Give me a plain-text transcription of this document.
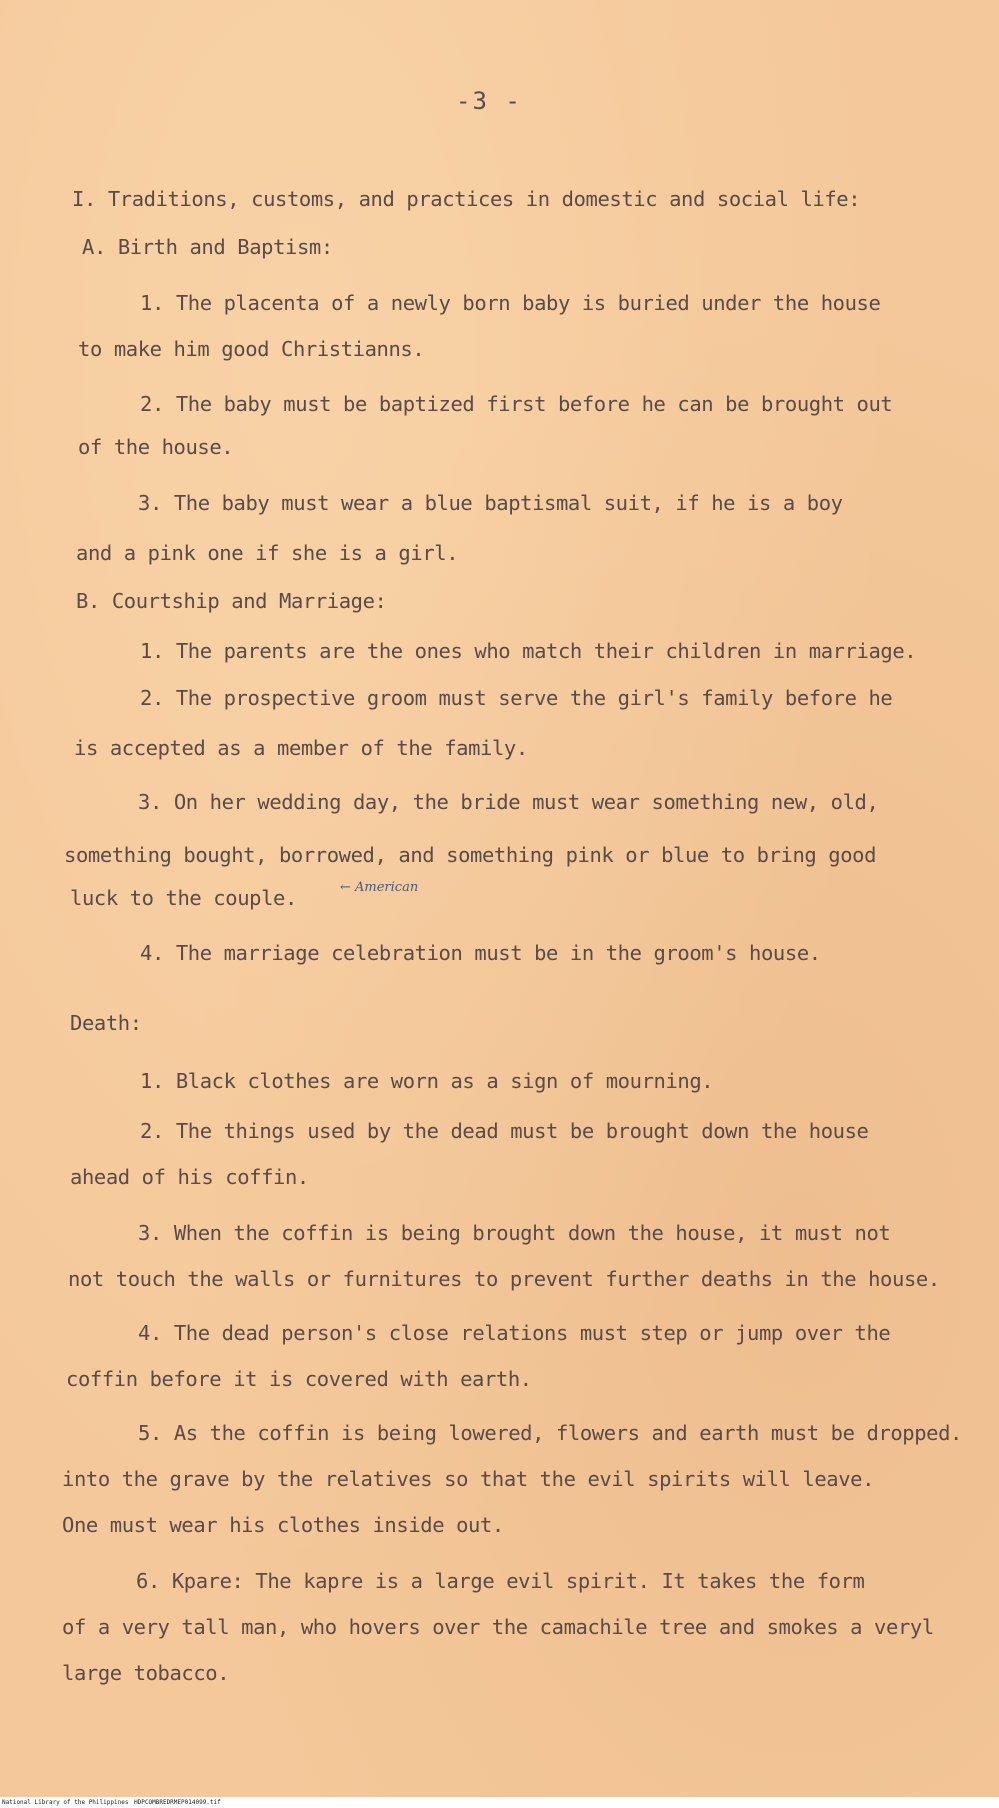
-3 -

I. Traditions, customs, and practices in domestic and social life:

A. Birth and Baptism:

1. The placenta of a newly born baby is buried under the house

to make him good Christianns.

2. The baby must be baptized first before he can be brought out

of the house.

3. The baby must wear a blue baptismal suit, if he is a boy

and a pink one if she is a girl.

B. Courtship and Marriage:

1. The parents are the ones who match their children in marriage.

2. The prospective groom must serve the girl's family before he

is accepted as a member of the family.

3. On her wedding day, the bride must wear something new, old,

something bought, borrowed, and something pink or blue to bring good

luck to the couple.	← American

4. The marriage celebration must be in the groom's house.

Death:

1. Black clothes are worn as a sign of mourning.

2. The things used by the dead must be brought down the house

ahead of his coffin.

3. When the coffin is being brought down the house, it must not

not touch the walls or furnitures to prevent further deaths in the house.

4. The dead person's close relations must step or jump over the

coffin before it is covered with earth.

5. As the coffin is being lowered, flowers and earth must be dropped.

into the grave by the relatives so that the evil spirits will leave.

One must wear his clothes inside out.

6. Kpare: The kapre is a large evil spirit. It takes the form

of a very tall man, who hovers over the camachile tree and smokes a veryl

large tobacco.

National Library of the Philippines HDPCOMBREDRMEP014099.tif
